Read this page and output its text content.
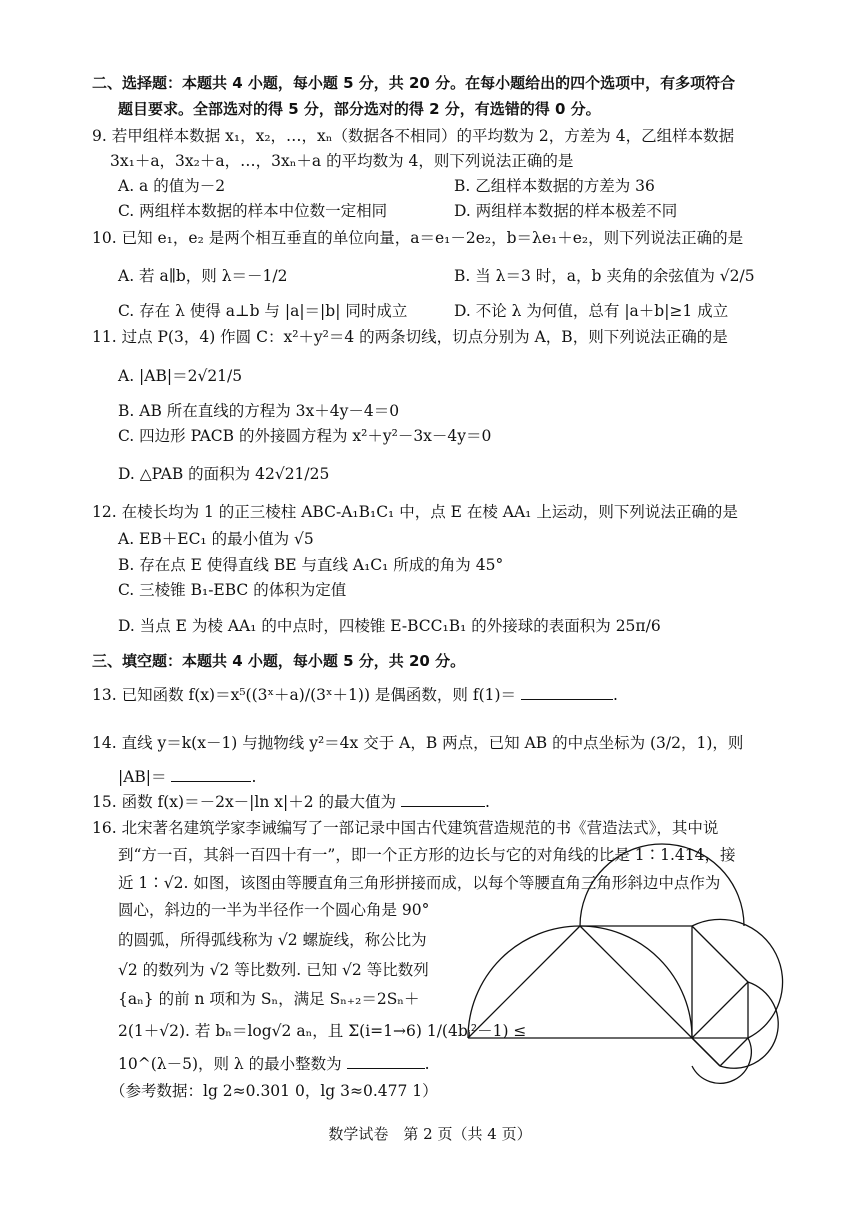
二、选择题：本题共 4 小题，每小题 5 分，共 20 分。在每小题给出的四个选项中，有多项符合
题目要求。全部选对的得 5 分，部分选对的得 2 分，有选错的得 0 分。
9. 若甲组样本数据 x₁，x₂，…，xₙ（数据各不相同）的平均数为 2，方差为 4，乙组样本数据
3x₁＋a，3x₂＋a，…，3xₙ＋a 的平均数为 4，则下列说法正确的是
A. a 的值为－2	B. 乙组样本数据的方差为 36
C. 两组样本数据的样本中位数一定相同	D. 两组样本数据的样本极差不同
10. 已知 e₁，e₂ 是两个相互垂直的单位向量，a＝e₁－2e₂，b＝λe₁＋e₂，则下列说法正确的是
A. 若 a∥b，则 λ＝－1/2	B. 当 λ＝3 时，a，b 夹角的余弦值为 √2/5
C. 存在 λ 使得 a⊥b 与 |a|＝|b| 同时成立	D. 不论 λ 为何值，总有 |a＋b|≥1 成立
11. 过点 P(3，4) 作圆 C：x²＋y²＝4 的两条切线，切点分别为 A，B，则下列说法正确的是
A. |AB|＝2√21/5
B. AB 所在直线的方程为 3x＋4y－4＝0
C. 四边形 PACB 的外接圆方程为 x²＋y²－3x－4y＝0
D. △PAB 的面积为 42√21/25
12. 在棱长均为 1 的正三棱柱 ABC-A₁B₁C₁ 中，点 E 在棱 AA₁ 上运动，则下列说法正确的是
A. EB＋EC₁ 的最小值为 √5
B. 存在点 E 使得直线 BE 与直线 A₁C₁ 所成的角为 45°
C. 三棱锥 B₁-EBC 的体积为定值
D. 当点 E 为棱 AA₁ 的中点时，四棱锥 E-BCC₁B₁ 的外接球的表面积为 25π/6
三、填空题：本题共 4 小题，每小题 5 分，共 20 分。
13. 已知函数 f(x)＝x⁵((3ˣ＋a)/(3ˣ＋1)) 是偶函数，则 f(1)＝	.
14. 直线 y＝k(x－1) 与抛物线 y²＝4x 交于 A，B 两点，已知 AB 的中点坐标为 (3/2，1)，则
|AB|＝	.
15. 函数 f(x)＝－2x－|ln x|＋2 的最大值为	.
16. 北宋著名建筑学家李诫编写了一部记录中国古代建筑营造规范的书《营造法式》，其中说
到“方一百，其斜一百四十有一”，即一个正方形的边长与它的对角线的比是 1∶1.414，接
近 1∶√2. 如图，该图由等腰直角三角形拼接而成，以每个等腰直角三角形斜边中点作为
圆心，斜边的一半为半径作一个圆心角是 90°
的圆弧，所得弧线称为 √2 螺旋线，称公比为
√2 的数列为 √2 等比数列. 已知 √2 等比数列
{aₙ} 的前 n 项和为 Sₙ，满足 Sₙ₊₂＝2Sₙ＋
2(1＋√2). 若 bₙ＝log√2 aₙ，且 Σ(i=1→6) 1/(4bᵢ²－1) ≤
10^(λ－5)，则 λ 的最小整数为	.
（参考数据：lg 2≈0.301 0，lg 3≈0.477 1）
数学试卷　第 2 页（共 4 页）
